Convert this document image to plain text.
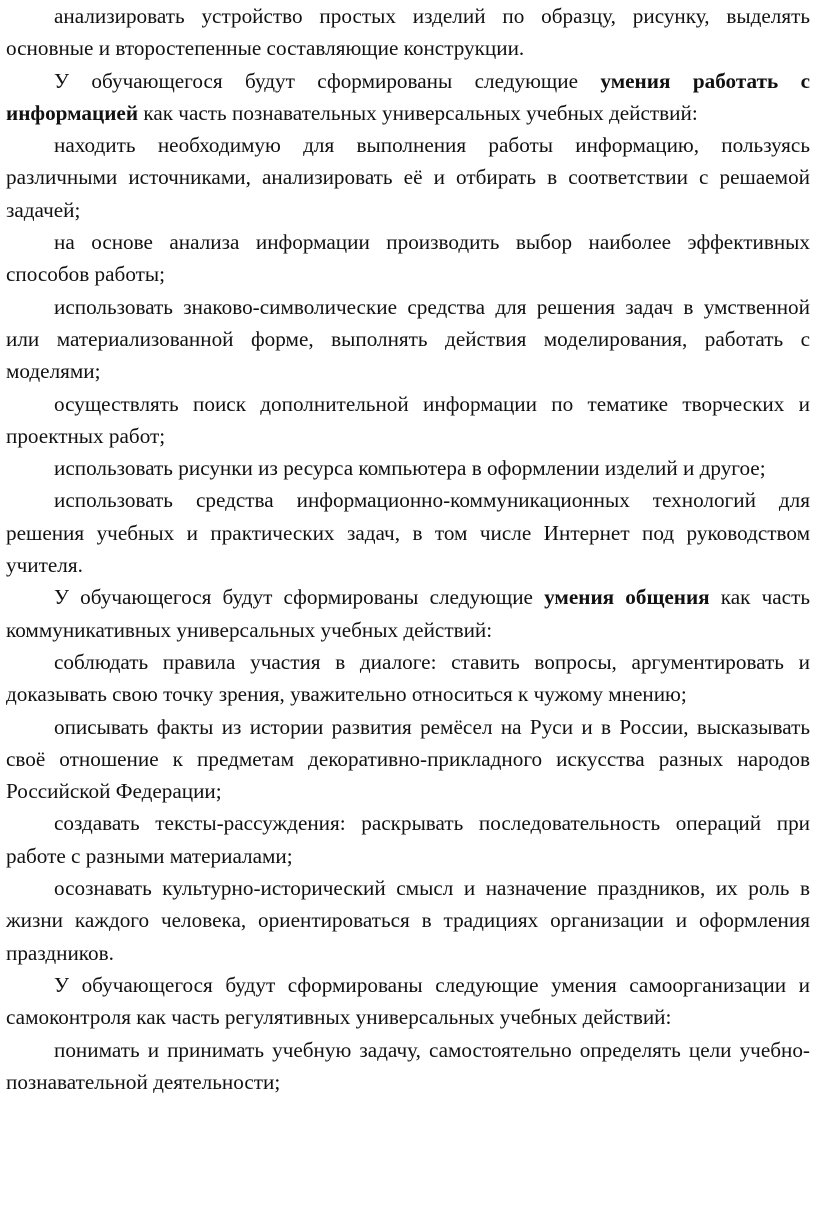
анализировать устройство простых изделий по образцу, рисунку, выделять основные и второстепенные составляющие конструкции.

У обучающегося будут сформированы следующие умения работать с информацией как часть познавательных универсальных учебных действий:

находить необходимую для выполнения работы информацию, пользуясь различными источниками, анализировать её и отбирать в соответствии с решаемой задачей;

на основе анализа информации производить выбор наиболее эффективных способов работы;

использовать знаково-символические средства для решения задач в умственной или материализованной форме, выполнять действия моделирования, работать с моделями;

осуществлять поиск дополнительной информации по тематике творческих и проектных работ;

использовать рисунки из ресурса компьютера в оформлении изделий и другое;

использовать средства информационно-коммуникационных технологий для решения учебных и практических задач, в том числе Интернет под руководством учителя.

У обучающегося будут сформированы следующие умения общения как часть коммуникативных универсальных учебных действий:

соблюдать правила участия в диалоге: ставить вопросы, аргументировать и доказывать свою точку зрения, уважительно относиться к чужому мнению;

описывать факты из истории развития ремёсел на Руси и в России, высказывать своё отношение к предметам декоративно-прикладного искусства разных народов Российской Федерации;

создавать тексты-рассуждения: раскрывать последовательность операций при работе с разными материалами;

осознавать культурно-исторический смысл и назначение праздников, их роль в жизни каждого человека, ориентироваться в традициях организации и оформления праздников.

У обучающегося будут сформированы следующие умения самоорганизации и самоконтроля как часть регулятивных универсальных учебных действий:

понимать и принимать учебную задачу, самостоятельно определять цели учебно-познавательной деятельности;
